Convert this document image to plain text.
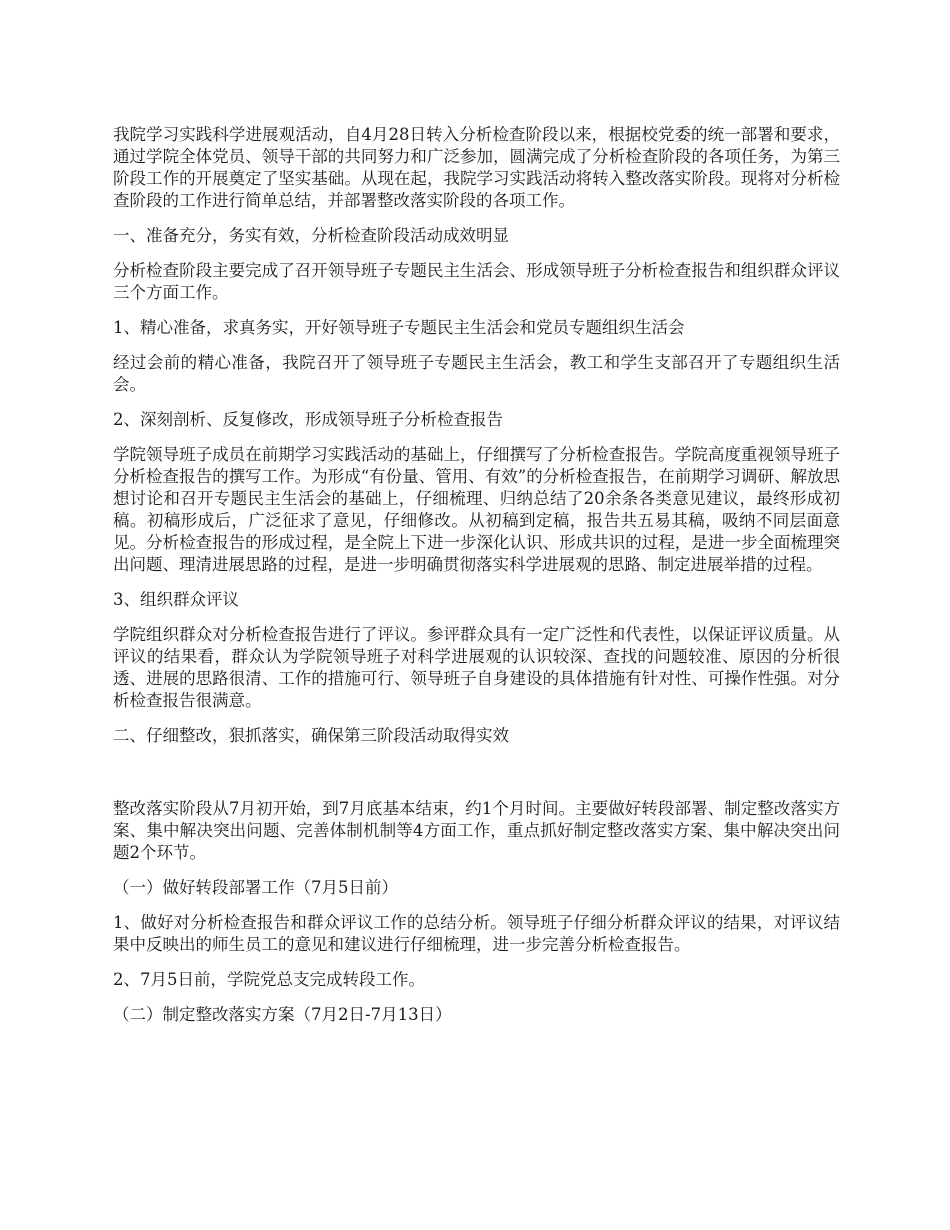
我院学习实践科学进展观活动，自4月28日转入分析检查阶段以来，根据校党委的统一部署和要求，通过学院全体党员、领导干部的共同努力和广泛参加，圆满完成了分析检查阶段的各项任务，为第三阶段工作的开展奠定了坚实基础。从现在起，我院学习实践活动将转入整改落实阶段。现将对分析检查阶段的工作进行简单总结，并部署整改落实阶段的各项工作。

一、准备充分，务实有效，分析检查阶段活动成效明显

分析检查阶段主要完成了召开领导班子专题民主生活会、形成领导班子分析检查报告和组织群众评议三个方面工作。

1、精心准备，求真务实，开好领导班子专题民主生活会和党员专题组织生活会

经过会前的精心准备，我院召开了领导班子专题民主生活会，教工和学生支部召开了专题组织生活会。

2、深刻剖析、反复修改，形成领导班子分析检查报告

学院领导班子成员在前期学习实践活动的基础上，仔细撰写了分析检查报告。学院高度重视领导班子分析检查报告的撰写工作。为形成“有份量、管用、有效”的分析检查报告，在前期学习调研、解放思想讨论和召开专题民主生活会的基础上，仔细梳理、归纳总结了20余条各类意见建议，最终形成初稿。初稿形成后，广泛征求了意见，仔细修改。从初稿到定稿，报告共五易其稿，吸纳不同层面意见。分析检查报告的形成过程，是全院上下进一步深化认识、形成共识的过程，是进一步全面梳理突出问题、理清进展思路的过程，是进一步明确贯彻落实科学进展观的思路、制定进展举措的过程。

3、组织群众评议

学院组织群众对分析检查报告进行了评议。参评群众具有一定广泛性和代表性，以保证评议质量。从评议的结果看，群众认为学院领导班子对科学进展观的认识较深、查找的问题较准、原因的分析很透、进展的思路很清、工作的措施可行、领导班子自身建设的具体措施有针对性、可操作性强。对分析检查报告很满意。

二、仔细整改，狠抓落实，确保第三阶段活动取得实效

整改落实阶段从7月初开始，到7月底基本结束，约1个月时间。主要做好转段部署、制定整改落实方案、集中解决突出问题、完善体制机制等4方面工作，重点抓好制定整改落实方案、集中解决突出问题2个环节。

（一）做好转段部署工作（7月5日前）

1、做好对分析检查报告和群众评议工作的总结分析。领导班子仔细分析群众评议的结果，对评议结果中反映出的师生员工的意见和建议进行仔细梳理，进一步完善分析检查报告。

2、7月5日前，学院党总支完成转段工作。

（二）制定整改落实方案（7月2日-7月13日）
